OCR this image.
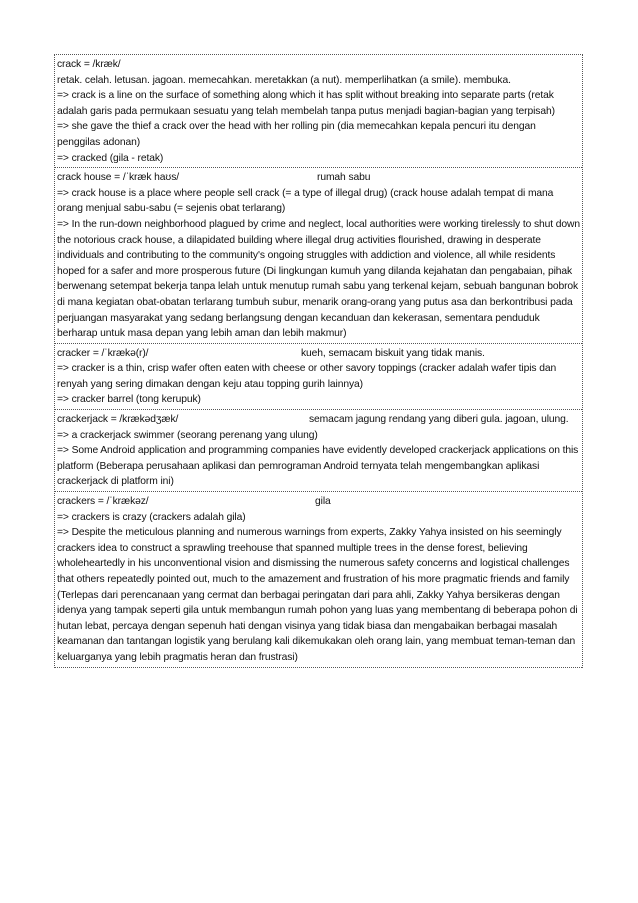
crack = /kræk/
retak. celah. letusan. jagoan. memecahkan. meretakkan (a nut). memperlihatkan (a smile). membuka.
=> crack is a line on the surface of something along which it has split without breaking into separate parts (retak adalah garis pada permukaan sesuatu yang telah membelah tanpa putus menjadi bagian-bagian yang terpisah)
=> she gave the thief a crack over the head with her rolling pin (dia memecahkan kepala pencuri itu dengan penggilas adonan)
=> cracked (gila - retak)
crack house = /ˈkræk haʊs/	rumah sabu
=> crack house is a place where people sell crack (= a type of illegal drug) (crack house adalah tempat di mana orang menjual sabu-sabu (= sejenis obat terlarang)
=> In the run-down neighborhood plagued by crime and neglect, local authorities were working tirelessly to shut down the notorious crack house, a dilapidated building where illegal drug activities flourished, drawing in desperate individuals and contributing to the community's ongoing struggles with addiction and violence, all while residents hoped for a safer and more prosperous future (Di lingkungan kumuh yang dilanda kejahatan dan pengabaian, pihak berwenang setempat bekerja tanpa lelah untuk menutup rumah sabu yang terkenal kejam, sebuah bangunan bobrok di mana kegiatan obat-obatan terlarang tumbuh subur, menarik orang-orang yang putus asa dan berkontribusi pada perjuangan masyarakat yang sedang berlangsung dengan kecanduan dan kekerasan, sementara penduduk berharap untuk masa depan yang lebih aman dan lebih makmur)
cracker = /ˈkrækə(r)/	kueh, semacam biskuit yang tidak manis.
=> cracker is a thin, crisp wafer often eaten with cheese or other savory toppings (cracker adalah wafer tipis dan renyah yang sering dimakan dengan keju atau topping gurih lainnya)
=> cracker barrel (tong kerupuk)
crackerjack = /krækədʒæk/	semacam jagung rendang yang diberi gula. jagoan, ulung.
=> a crackerjack swimmer (seorang perenang yang ulung)
=> Some Android application and programming companies have evidently developed crackerjack applications on this platform (Beberapa perusahaan aplikasi dan pemrograman Android ternyata telah mengembangkan aplikasi crackerjack di platform ini)
crackers = /ˈkrækəz/	gila
=> crackers is crazy (crackers adalah gila)
=> Despite the meticulous planning and numerous warnings from experts, Zakky Yahya insisted on his seemingly crackers idea to construct a sprawling treehouse that spanned multiple trees in the dense forest, believing wholeheartedly in his unconventional vision and dismissing the numerous safety concerns and logistical challenges that others repeatedly pointed out, much to the amazement and frustration of his more pragmatic friends and family (Terlepas dari perencanaan yang cermat dan berbagai peringatan dari para ahli, Zakky Yahya bersikeras dengan idenya yang tampak seperti gila untuk membangun rumah pohon yang luas yang membentang di beberapa pohon di hutan lebat, percaya dengan sepenuh hati dengan visinya yang tidak biasa dan mengabaikan berbagai masalah keamanan dan tantangan logistik yang berulang kali dikemukakan oleh orang lain, yang membuat teman-teman dan keluarganya yang lebih pragmatis heran dan frustrasi)
